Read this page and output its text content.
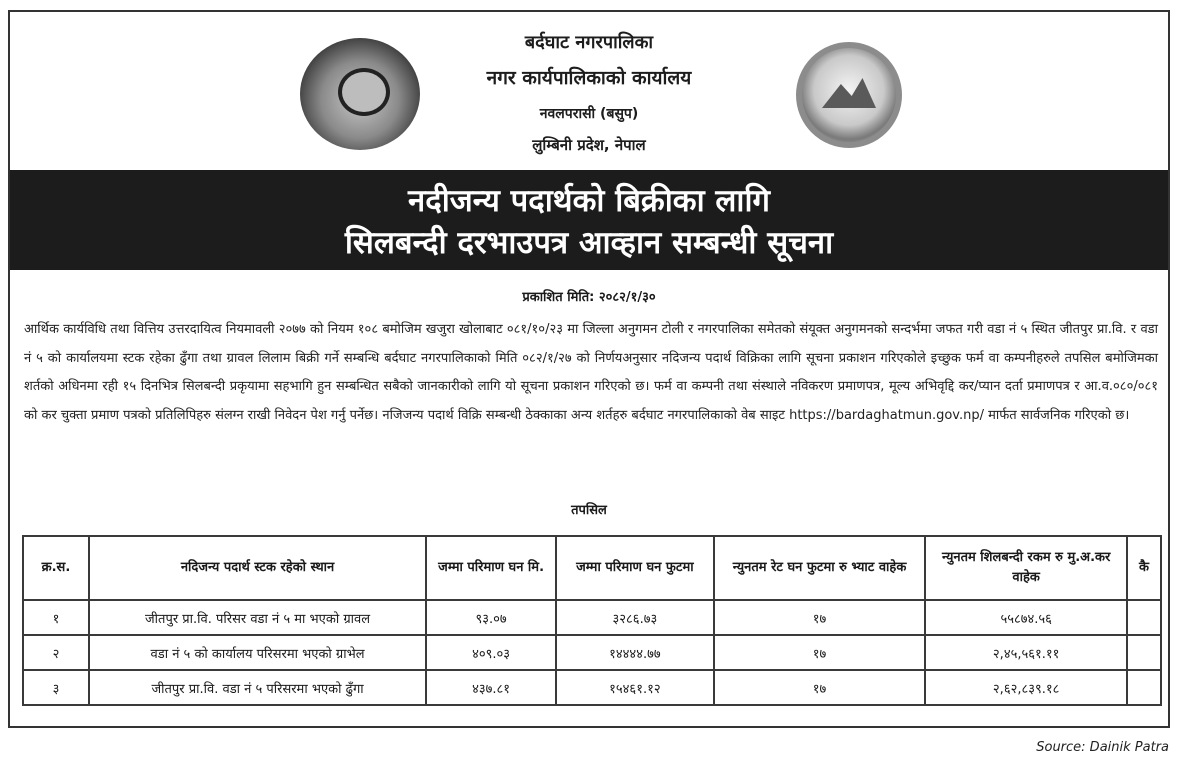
बर्दघाट नगरपालिका
नगर कार्यपालिकाको कार्यालय
नवलपरासी (बसुप)
लुम्बिनी प्रदेश, नेपाल
नदीजन्य पदार्थको बिक्रीका लागि
सिलबन्दी दरभाउपत्र आव्हान सम्बन्धी सूचना
प्रकाशित मिति: २०८२/१/३०

आर्थिक कार्यविधि तथा वित्तिय उत्तरदायित्व नियमावली २०७७ को नियम १०८ बमोजिम खजुरा खोलाबाट ०८१/१०/२३ मा जिल्ला अनुगमन टोली र नगरपालिका समेतको संयूक्त अनुगमनको सन्दर्भमा जफत गरी वडा नं ५ स्थित जीतपुर प्रा.वि. र वडा नं ५ को कार्यालयमा स्टक रहेका ढुँगा तथा ग्रावल लिलाम बिक्री गर्ने सम्बन्धि बर्दघाट नगरपालिकाको मिति ०८२/१/२७ को निर्णयअनुसार नदिजन्य पदार्थ विक्रिका लागि सूचना प्रकाशन गरिएकोले इच्छुक फर्म वा कम्पनीहरुले तपसिल बमोजिमका शर्तको अधिनमा रही १५ दिनभित्र सिलबन्दी प्रकृयामा सहभागि हुन सम्बन्धित सबैको जानकारीको लागि यो सूचना प्रकाशन गरिएको छ। फर्म वा कम्पनी तथा संस्थाले नविकरण प्रमाणपत्र, मूल्य अभिवृद्दि कर/प्यान दर्ता प्रमाणपत्र र आ.व.०८०/०८१ को कर चुक्ता प्रमाण पत्रको प्रतिलिपिहरु संलग्न राखी निवेदन पेश गर्नु पर्नेछ। नजिजन्य पदार्थ विक्रि सम्बन्धी ठेक्काका अन्य शर्तहरु बर्दघाट नगरपालिकाको वेब साइट https://bardaghatmun.gov.np/ मार्फत सार्वजनिक गरिएको छ।

तपसिल
क्र.स.	नदिजन्य पदार्थ स्टक रहेको स्थान	जम्मा परिमाण घन मि.	जम्मा परिमाण घन फुटमा	न्युनतम रेट घन फुटमा रु भ्याट वाहेक	न्युनतम शिलबन्दी रकम रु मु.अ.कर वाहेक	कै
१	जीतपुर प्रा.वि. परिसर वडा नं ५ मा भएको ग्रावल	९३.०७	३२८६.७३	१७	५५८७४.५६	
२	वडा नं ५ को कार्यालय परिसरमा भएको ग्राभेल	४०९.०३	१४४४४.७७	१७	२,४५,५६१.११	
३	जीतपुर प्रा.वि. वडा नं ५ परिसरमा भएको ढुँगा	४३७.८१	१५४६१.१२	१७	२,६२,८३९.१८	
Source: Dainik Patra
